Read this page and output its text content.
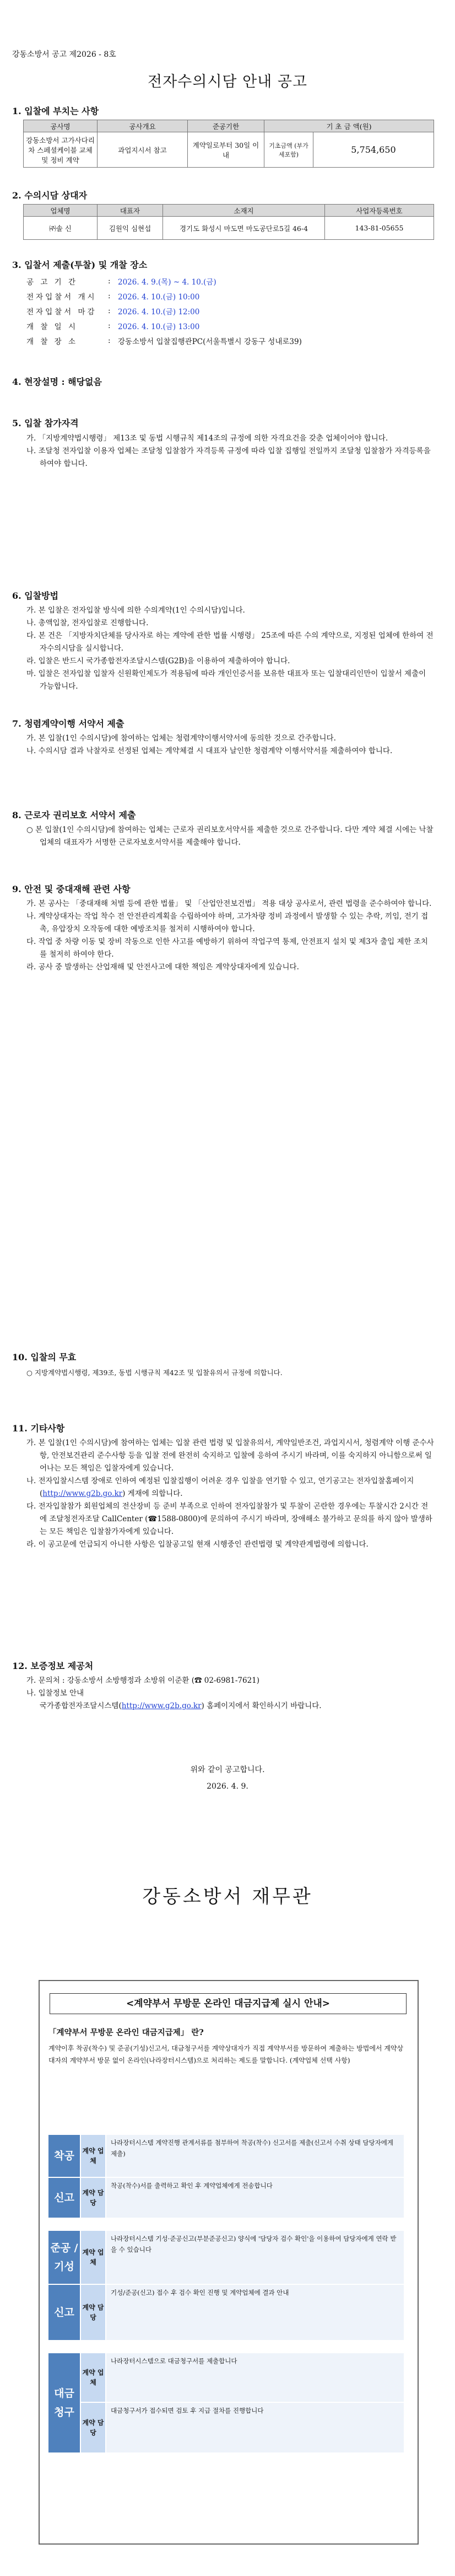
강동소방서 공고 제2026 - 8호
전자수의시담 안내 공고
1. 입찰에 부치는 사항
공사명	공사개요	준공기한	기 초 금 액(원)	
강동소방서 고가사다리차 스페셜케이블 교체 및 정비 계약	과업지시서 참고	계약일로부터 30일 이내	기초금액 (부가세포함)	5,754,650
2. 수의시담 상대자
업체명	대표자	소재지	사업자등록번호
㈜솔 신	김원익 심현섭	경기도 화성시 마도면 마도공단로5길 46-4	143-81-05655
3. 입찰서 제출(투찰) 및 개찰 장소
공 고 기 간	: 2026. 4. 9.(목) ~ 4. 10.(금)
전자입찰서 개시	: 2026. 4. 10.(금) 10:00
전자입찰서 마감	: 2026. 4. 10.(금) 12:00
개 찰 일 시	: 2026. 4. 10.(금) 13:00
개 찰 장 소	: 강동소방서 입찰집행관PC(서울특별시 강동구 성내로39)
4. 현장설명 : 해당없음
5. 입찰 참가자격
가. 「지방계약법시행령」 제13조 및 동법 시행규칙 제14조의 규정에 의한 자격요건을 갖춘 업체이어야 합니다.
나. 조달청 전자입찰 이용자 업체는 조달청 입찰참가 자격등록 규정에 따라 입찰 집행일 전일까지 조달청 입찰참가 자격등록을 하여야 합니다.
6. 입찰방법
가. 본 입찰은 전자입찰 방식에 의한 수의계약(1인 수의시담)입니다.
나. 총액입찰, 전자입찰로 진행합니다.
다. 본 건은 「지방자치단체를 당사자로 하는 계약에 관한 법률 시행령」 25조에 따른 수의 계약으로, 지정된 업체에 한하여 전자수의시담을 실시합니다.
라. 입찰은 반드시 국가종합전자조달시스템(G2B)을 이용하여 제출하여야 합니다.
마. 입찰은 전자입찰 입찰자 신원확인제도가 적용됨에 따라 개인인증서를 보유한 대표자 또는 입찰대리인만이 입찰서 제출이 가능합니다.
7. 청렴계약이행 서약서 제출
가. 본 입찰(1인 수의시담)에 참여하는 업체는 청렴계약이행서약서에 동의한 것으로 간주합니다.
나. 수의시담 결과 낙찰자로 선정된 업체는 계약체결 시 대표자 날인한 청렴계약 이행서약서를 제출하여야 합니다.
8. 근로자 권리보호 서약서 제출
○ 본 입찰(1인 수의시담)에 참여하는 업체는 근로자 권리보호서약서를 제출한 것으로 간주합니다. 다만 계약 체결 시에는 낙찰업체의 대표자가 서명한 근로자보호서약서를 제출해야 합니다.
9. 안전 및 중대재해 관련 사항
가. 본 공사는 「중대재해 처벌 등에 관한 법률」 및 「산업안전보건법」 적용 대상 공사로서, 관련 법령을 준수하여야 합니다.
나. 계약상대자는 작업 착수 전 안전관리계획을 수립하여야 하며, 고가차량 정비 과정에서 발생할 수 있는 추락, 끼임, 전기 접촉, 유압장치 오작동에 대한 예방조치를 철저히 시행하여야 합니다.
다. 작업 중 차량 이동 및 장비 작동으로 인한 사고를 예방하기 위하여 작업구역 통제, 안전표지 설치 및 제3자 출입 제한 조치를 철저히 하여야 한다.
라. 공사 중 발생하는 산업재해 및 안전사고에 대한 책임은 계약상대자에게 있습니다.
10. 입찰의 무효
○ 지방계약법시행령, 제39조, 동법 시행규칙 제42조 및 입찰유의서 규정에 의합니다.
11. 기타사항
가. 본 입찰(1인 수의시담)에 참여하는 업체는 입찰 관련 법령 및 입찰유의서, 계약일반조건, 과업지시서, 청렴계약 이행 준수사항, 안전보건관리 준수사항 등을 입찰 전에 완전히 숙지하고 입찰에 응하여 주시기 바라며, 이를 숙지하지 아니함으로써 일어나는 모든 책임은 입찰자에게 있습니다.
나. 전자입찰시스템 장애로 인하여 예정된 입찰집행이 어려운 경우 입찰을 연기할 수 있고, 연기공고는 전자입찰홈페이지(http://www.g2b.go.kr) 게재에 의합니다.
다. 전자입찰참가 회원업체의 전산장비 등 준비 부족으로 인하여 전자입찰참가 및 투찰이 곤란한 경우에는 투찰시간 2시간 전에 조달청전자조달 CallCenter (☎1588-0800)에 문의하여 주시기 바라며, 장애해소 불가하고 문의를 하지 않아 발생하는 모든 책임은 입찰참가자에게 있습니다.
라. 이 공고문에 언급되지 아니한 사항은 입찰공고일 현재 시행중인 관련법령 및 계약관계법령에 의합니다.
12. 보증정보 제공처
가. 문의처 : 강동소방서 소방행정과 소방위 이준환 (☎ 02-6981-7621)
나. 입찰정보 안내
국가종합전자조달시스템(http://www.g2b.go.kr) 홈페이지에서 확인하시기 바랍니다.
위와 같이 공고합니다.
2026. 4. 9.
강동소방서 재무관
<계약부서 무방문 온라인 대금지급제 실시 안내>
「계약부서 무방문 온라인 대금지급제」 란?
계약이후 착공(착수) 및 준공(기성)신고서, 대금청구서를 계약상대자가 직접 계약부서를 방문하여 제출하는 방법에서 계약상대자의 계약부서 방문 없이 온라인(나라장터시스템)으로 처리하는 제도를 말합니다. (계약업체 선택 사항)
착공	계약 업체
나라장터시스템 계약진행 관계서류를 첨부하여 착공(착수) 신고서를 제출(신고서 수취 상태 담당자에게 제출)
신고	계약 담당
착공(착수)서를 출력하고 확인 후 계약업체에게 전송합니다
준공 / 기성
계약 업체
나라장터시스템 기성·준공신고(부분준공신고) 양식에 '담당자 검수 확인'을 이용하여 담당자에게 연락 받을 수 있습니다
신고	계약 담당
기성/준공(신고) 접수 후 검수 확인 진행 및 계약업체에 결과 안내
대금 청구
계약 업체
나라장터시스템으로 대금청구서를 제출합니다
계약 담당
대금청구서가 접수되면 검토 후 지급 절차를 진행합니다
